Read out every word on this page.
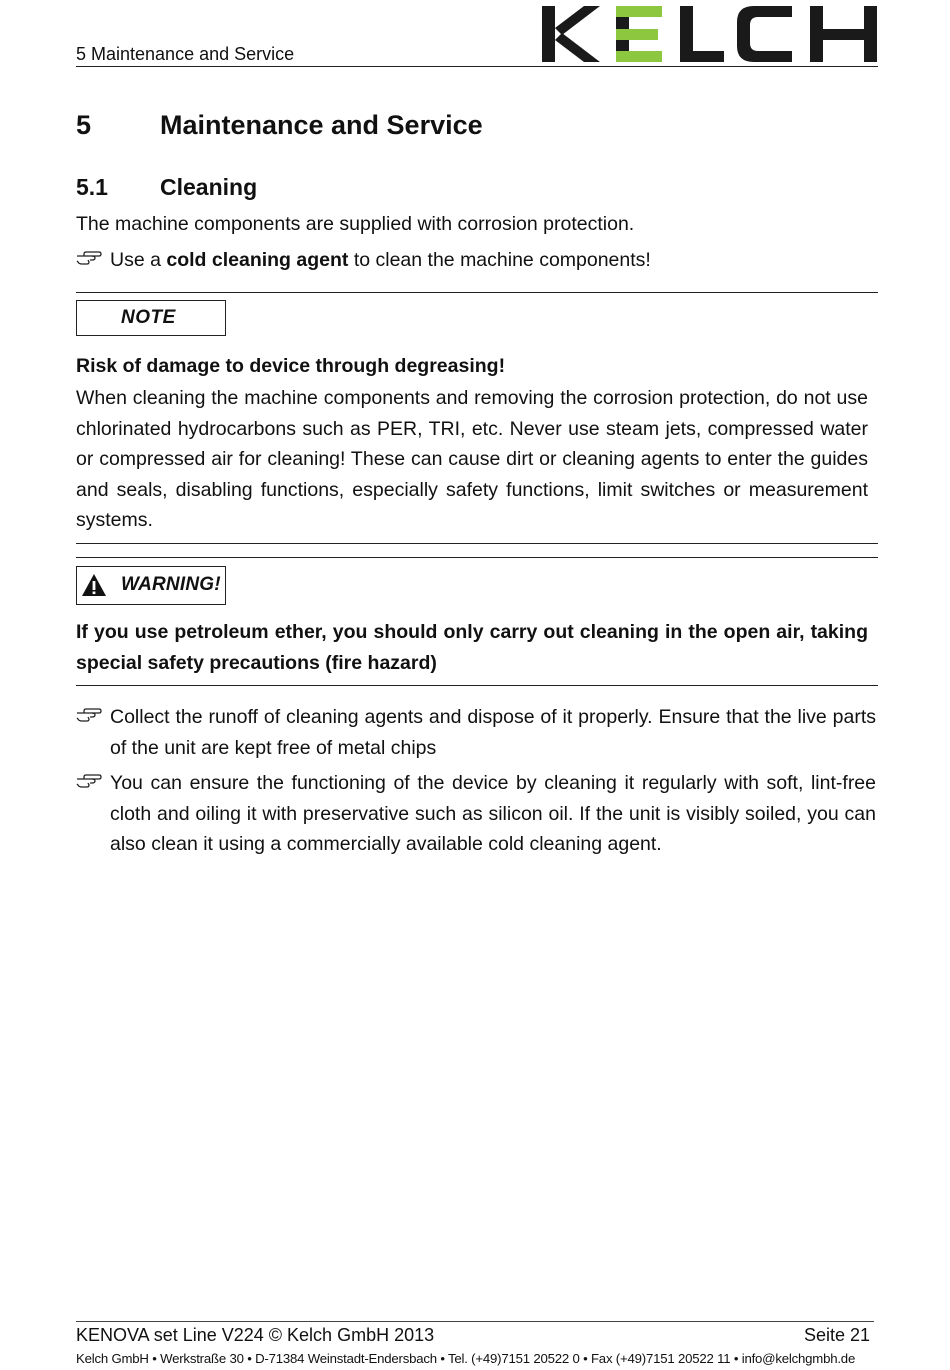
5 Maintenance and Service
5	Maintenance and Service
5.1 Cleaning
The machine components are supplied with corrosion protection.
Use a cold cleaning agent to clean the machine components!
NOTE
Risk of damage to device through degreasing!
When cleaning the machine components and removing the corrosion protection, do not use chlorinated hydrocarbons such as PER, TRI, etc. Never use steam jets, compressed water or compressed air for cleaning! These can cause dirt or cleaning agents to enter the guides and seals, disabling functions, especially safety functions, limit switches or measurement systems.
WARNING!
If you use petroleum ether, you should only carry out cleaning in the open air, taking special safety precautions (fire hazard)
Collect the runoff of cleaning agents and dispose of it properly. Ensure that the live parts of the unit are kept free of metal chips
You can ensure the functioning of the device by cleaning it regularly with soft, lint-free cloth and oiling it with preservative such as silicon oil. If the unit is visibly soiled, you can also clean it using a commercially available cold cleaning agent.
KENOVA set Line V224 © Kelch GmbH 2013	Seite 21
Kelch GmbH • Werkstraße 30 • D-71384 Weinstadt-Endersbach • Tel. (+49)7151 20522 0 • Fax (+49)7151 20522 11 • info@kelchgmbh.de
